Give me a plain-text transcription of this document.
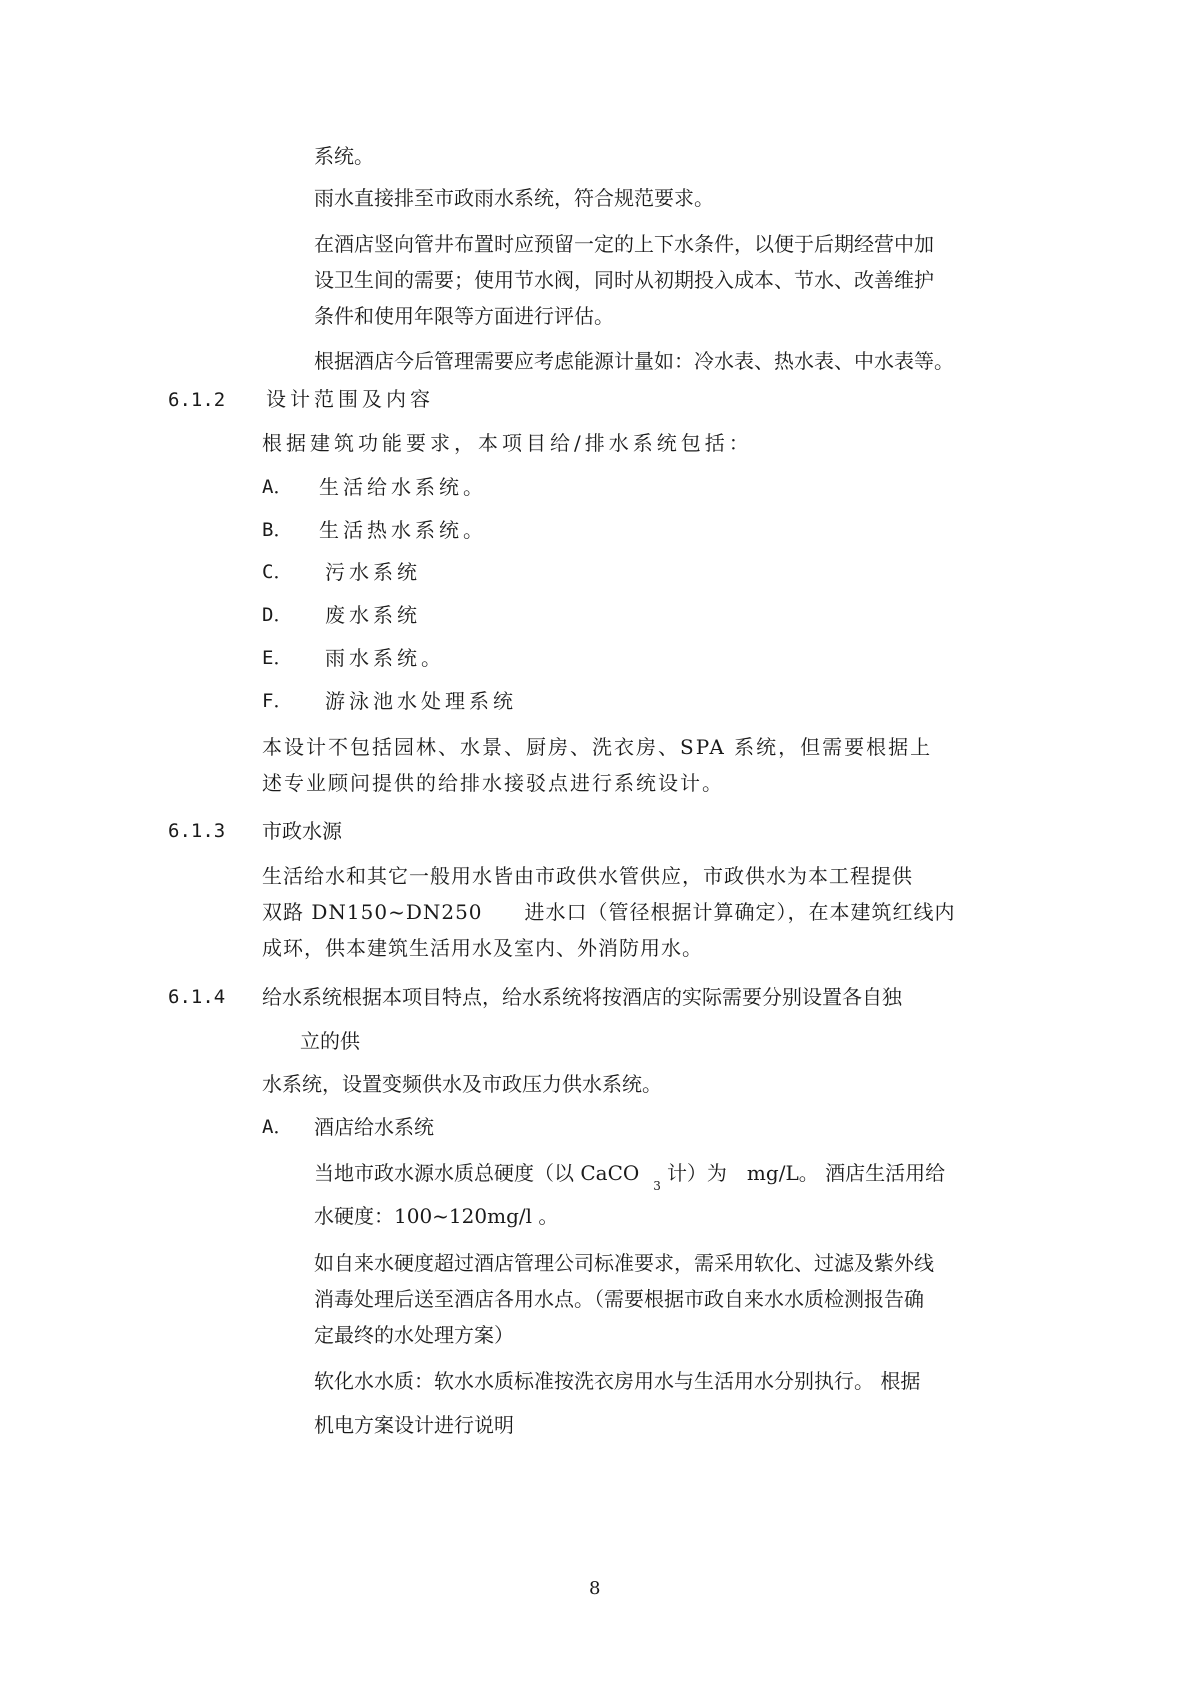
系统。
雨水直接排至市政雨水系统，符合规范要求。
在酒店竖向管井布置时应预留一定的上下水条件，以便于后期经营中加
设卫生间的需要；使用节水阀，同时从初期投入成本、节水、改善维护
条件和使用年限等方面进行评估。
根据酒店今后管理需要应考虑能源计量如：冷水表、热水表、中水表等。
6.1.2 设计范围及内容
根据建筑功能要求，本项目给/排水系统包括：
A． 生活给水系统。
B． 生活热水系统。
C． 污水系统
D． 废水系统
E． 雨水系统。
F． 游泳池水处理系统
本设计不包括园林、水景、厨房、洗衣房、SPA 系统，但需要根据上
述专业顾问提供的给排水接驳点进行系统设计。
6.1.3 市政水源
生活给水和其它一般用水皆由市政供水管供应，市政供水为本工程提供
双路 DN150~DN250　　进水口（管径根据计算确定），在本建筑红线内
成环，供本建筑生活用水及室内、外消防用水。
6.1.4 给水系统根据本项目特点，给水系统将按酒店的实际需要分别设置各自独
立的供
水系统，设置变频供水及市政压力供水系统。
A． 酒店给水系统
当地市政水源水质总硬度（以 CaCO$_3$计）为　mg/L。 酒店生活用给
水硬度：100~120mg/l 。
如自来水硬度超过酒店管理公司标准要求，需采用软化、过滤及紫外线
消毒处理后送至酒店各用水点。（需要根据市政自来水水质检测报告确
定最终的水处理方案）
软化水水质：软水水质标准按洗衣房用水与生活用水分别执行。 根据
机电方案设计进行说明
8
